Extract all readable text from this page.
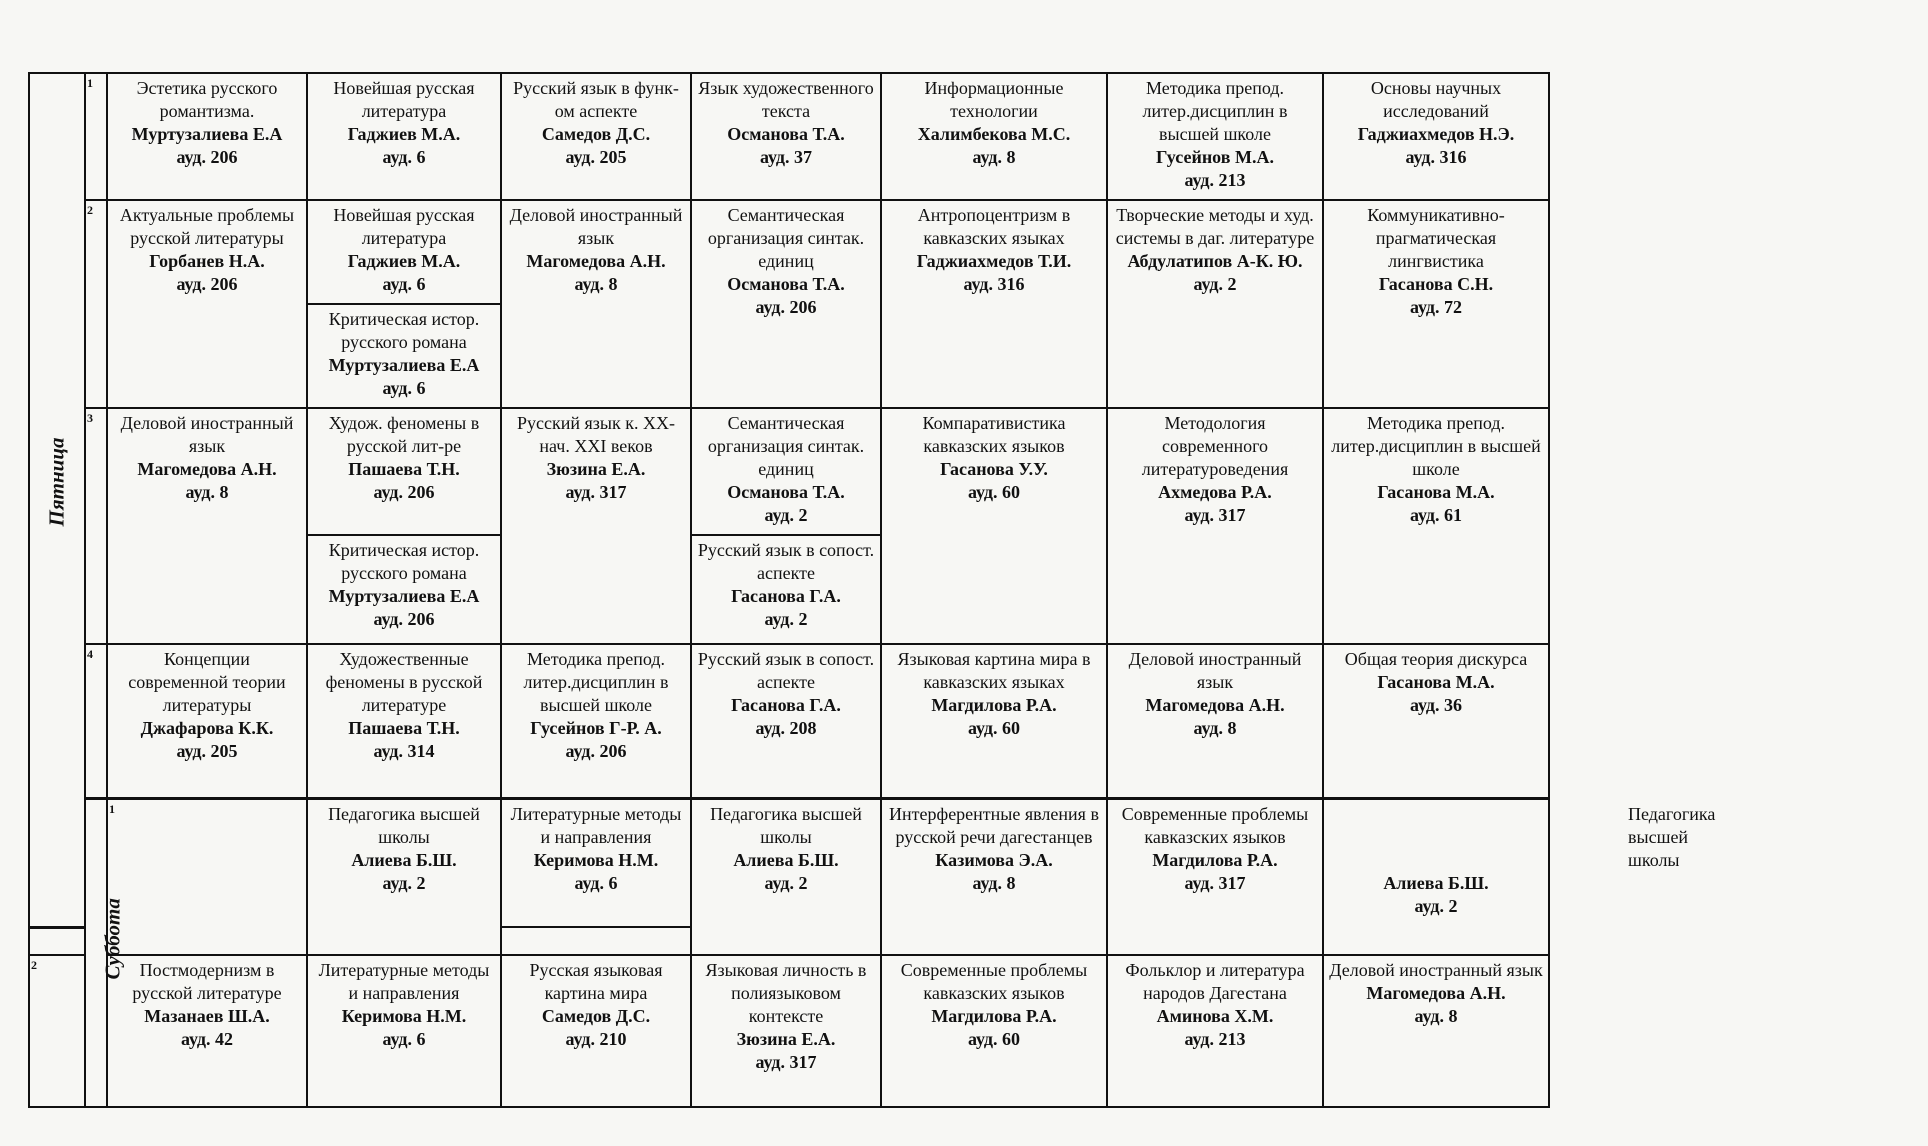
Пятница	1	Эстетика русского романтизма.
Муртузалиева Е.А
ауд. 206	Новейшая русская литература
Гаджиев М.А.
ауд. 6	Русский язык в функ-ом аспекте
Самедов Д.С.
ауд. 205	Язык художественного текста
Османова Т.А.
ауд. 37	Информационные технологии
Халимбекова М.С.
ауд. 8	Методика препод. литер.дисциплин в высшей школе
Гусейнов М.А.
ауд. 213	Основы научных исследований
Гаджиахмедов Н.Э.
ауд. 316

	2	Актуальные проблемы русской литературы
Горбанев Н.А.
ауд. 206	Новейшая русская литература
Гаджиев М.А.
ауд. 6	Деловой иностранный язык
Магомедова А.Н.
ауд. 8	Семантическая организация синтак. единиц
Османова Т.А.
ауд. 206	Антропоцентризм в кавказских языках
Гаджиахмедов Т.И.
ауд. 316	Творческие методы и худ. системы в даг. литературе
Абдулатипов А-К. Ю.
ауд. 2	Коммуникативно-прагматическая лингвистика
Гасанова С.Н.
ауд. 72

			Критическая истор. русского романа
Муртузалиева Е.А
ауд. 6					

	3	Деловой иностранный язык
Магомедова А.Н.
ауд. 8	Худож. феномены в русской лит-ре
Пашаева Т.Н.
ауд. 206	Русский язык к. XX- нач. XXI веков
Зюзина Е.А.
ауд. 317	Семантическая организация синтак. единиц
Османова Т.А.
ауд. 2	Компаративистика кавказских языков
Гасанова У.У.
ауд. 60	Методология современного литературоведения
Ахмедова Р.А.
ауд. 317	Методика препод. литер.дисциплин в высшей школе
Гасанова М.А.
ауд. 61

			Критическая истор. русского романа
Муртузалиева Е.А
ауд. 206		Русский язык в сопост. аспекте
Гасанова Г.А.
ауд. 2			

	4	Концепции современной теории литературы
Джафарова К.К.
ауд. 205	Художественные феномены в русской литературе
Пашаева Т.Н.
ауд. 314	Методика препод. литер.дисциплин в высшей школе
Гусейнов Г-Р. А.
ауд. 206	Русский язык в сопост. аспекте
Гасанова Г.А.
ауд. 208	Языковая картина мира в кавказских языках
Магдилова Р.А.
ауд. 60	Деловой иностранный язык
Магомедова А.Н.
ауд. 8	Общая теория дискурса
Гасанова М.А.
ауд. 36

	Суббота	1	Педагогика высшей школы
Алиева Б.Ш.
ауд. 2	Литературные методы и направления
Керимова Н.М.
ауд. 6	Педагогика высшей школы
Алиева Б.Ш.
ауд. 2	Интерферентные явления в русской речи дагестанцев
Казимова Э.А.
ауд. 8	Современные проблемы кавказских языков
Магдилова Р.А.
ауд. 317	Педагогика высшей школы
Алиева Б.Ш.
ауд. 2

2		Постмодернизм в русской литературе
Мазанаев Ш.А.
ауд. 42	Литературные методы и направления
Керимова Н.М.
ауд. 6	Русская языковая картина мира
Самедов Д.С.
ауд. 210	Языковая личность в полиязыковом контексте
Зюзина Е.А.
ауд. 317	Современные проблемы кавказских языков
Магдилова Р.А.
ауд. 60	Фольклор и литература народов Дагестана
Аминова Х.М.
ауд. 213	Деловой иностранный язык
Магомедова А.Н.
ауд. 8
